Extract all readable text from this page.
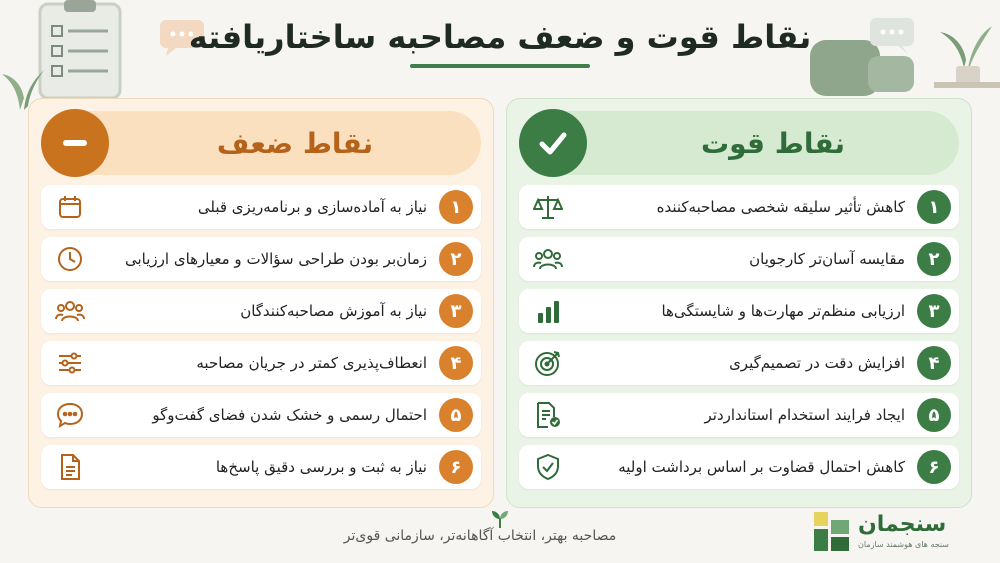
نقاط قوت و ضعف مصاحبه ساختاریافته
نقاط ضعف
۱
نیاز به آماده‌سازی و برنامه‌ریزی قبلی
۲
زمان‌بر بودن طراحی سؤالات و معیارهای ارزیابی
۳
نیاز به آموزش مصاحبه‌کنندگان
۴
انعطاف‌پذیری کمتر در جریان مصاحبه
۵
احتمال رسمی و خشک شدن فضای گفت‌وگو
۶
نیاز به ثبت و بررسی دقیق پاسخ‌ها
نقاط قوت
۱
کاهش تأثیر سلیقه شخصی مصاحبه‌کننده
۲
مقایسه آسان‌تر کارجویان
۳
ارزیابی منظم‌تر مهارت‌ها و شایستگی‌ها
۴
افزایش دقت در تصمیم‌گیری
۵
ایجاد فرایند استخدام استانداردتر
۶
کاهش احتمال قضاوت بر اساس برداشت اولیه
مصاحبه بهتر، انتخاب آگاهانه‌تر، سازمانی قوی‌تر	سنجمان
سنجه های هوشمند سازمان
